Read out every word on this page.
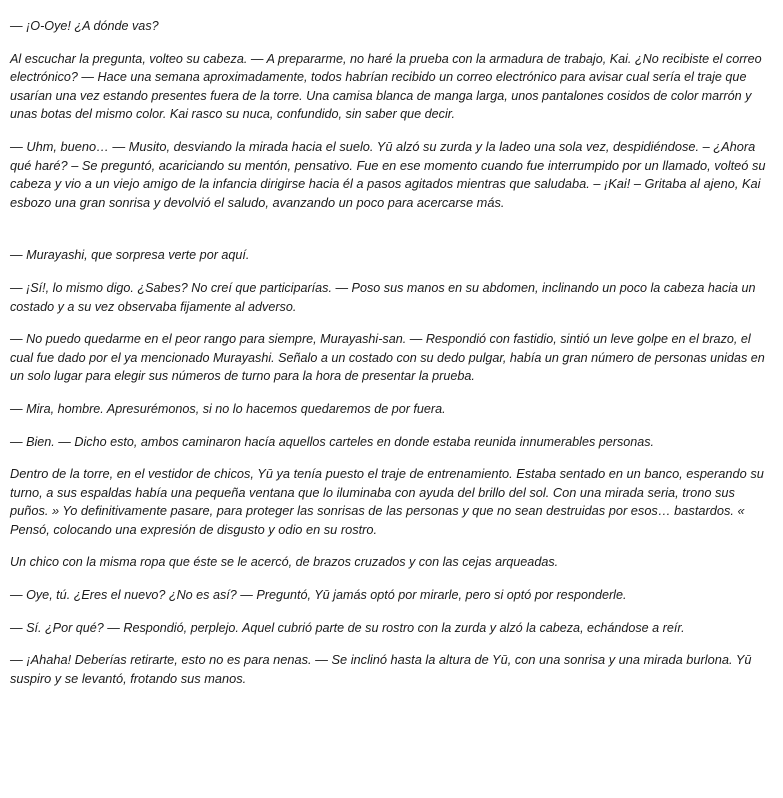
— ¡O-Oye! ¿A dónde vas?

Al escuchar la pregunta, volteo su cabeza. — A prepararme, no haré la prueba con la armadura de trabajo, Kai. ¿No recibiste el correo electrónico? — Hace una semana aproximadamente, todos habrían recibido un correo electrónico para avisar cual sería el traje que usarían una vez estando presentes fuera de la torre. Una camisa blanca de manga larga, unos pantalones cosidos de color marrón y unas botas del mismo color. Kai rasco su nuca, confundido, sin saber que decir.

— Uhm, bueno… — Musito, desviando la mirada hacia el suelo. Yū alzó su zurda y la ladeo una sola vez, despidiéndose. – ¿Ahora qué haré? – Se preguntó, acariciando su mentón, pensativo. Fue en ese momento cuando fue interrumpido por un llamado, volteó su cabeza y vio a un viejo amigo de la infancia dirigirse hacia él a pasos agitados mientras que saludaba. – ¡Kai! – Gritaba al ajeno, Kai esbozo una gran sonrisa y devolvió el saludo, avanzando un poco para acercarse más.

— Murayashi, que sorpresa verte por aquí.

— ¡Sí!, lo mismo digo. ¿Sabes? No creí que participarías. — Poso sus manos en su abdomen, inclinando un poco la cabeza hacia un costado y a su vez observaba fijamente al adverso.

— No puedo quedarme en el peor rango para siempre, Murayashi-san. — Respondió con fastidio, sintió un leve golpe en el brazo, el cual fue dado por el ya mencionado Murayashi. Señalo a un costado con su dedo pulgar, había un gran número de personas unidas en un solo lugar para elegir sus números de turno para la hora de presentar la prueba.

— Mira, hombre. Apresurémonos, si no lo hacemos quedaremos de por fuera.

— Bien. — Dicho esto, ambos caminaron hacía aquellos carteles en donde estaba reunida innumerables personas.

Dentro de la torre, en el vestidor de chicos, Yū ya tenía puesto el traje de entrenamiento. Estaba sentado en un banco, esperando su turno, a sus espaldas había una pequeña ventana que lo iluminaba con ayuda del brillo del sol. Con una mirada seria, trono sus puños. » Yo definitivamente pasare, para proteger las sonrisas de las personas y que no sean destruidas por esos… bastardos. « Pensó, colocando una expresión de disgusto y odio en su rostro.

Un chico con la misma ropa que éste se le acercó, de brazos cruzados y con las cejas arqueadas.

— Oye, tú. ¿Eres el nuevo? ¿No es así? — Preguntó, Yū jamás optó por mirarle, pero si optó por responderle.

— Sí. ¿Por qué? — Respondió, perplejo. Aquel cubrió parte de su rostro con la zurda y alzó la cabeza, echándose a reír.

— ¡Ahaha! Deberías retirarte, esto no es para nenas. — Se inclinó hasta la altura de Yū, con una sonrisa y una mirada burlona. Yū suspiro y se levantó, frotando sus manos.
